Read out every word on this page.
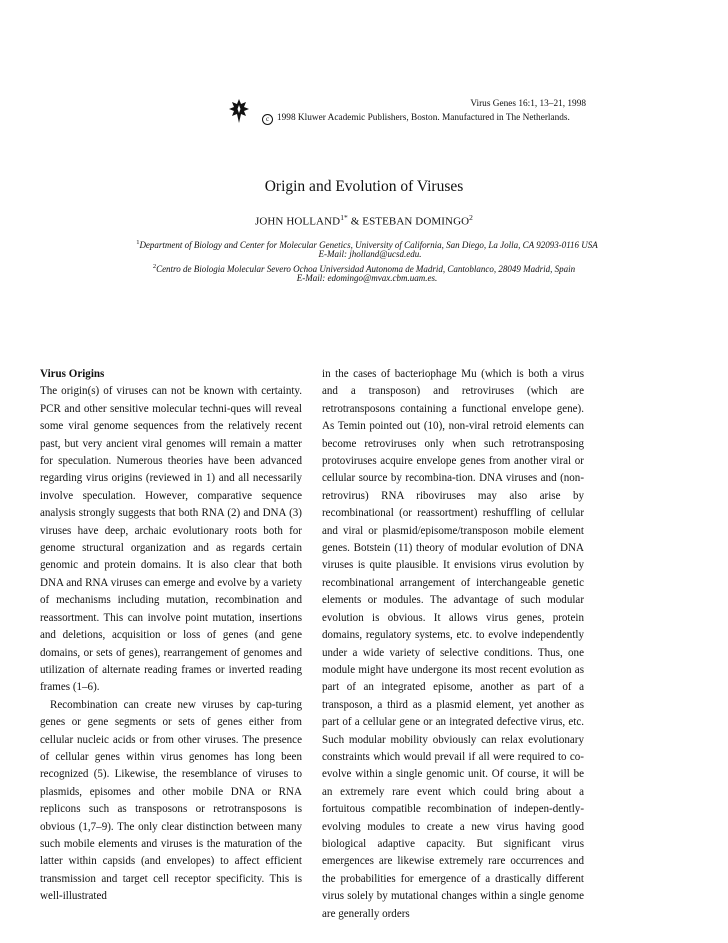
Virus Genes 16:1, 13–21, 1998
c 1998 Kluwer Academic Publishers, Boston. Manufactured in The Netherlands.
Origin and Evolution of Viruses
JOHN $HOLLAND^{1*}$ & ESTEBAN DOMINGO$^2$
$^1$Department of Biology and Center for Molecular Genetics, University of California, San Diego, La Jolla, CA 92093-0116 USA
E-Mail: jholland@ucsd.edu.
$^2$Centro de Biologia Molecular Severo Ochoa Universidad Autonoma de Madrid, Cantoblanco, 28049 Madrid, Spain
E-Mail: edomingo@mvax.cbm.uam.es.

Virus Origins

The origin(s) of viruses can not be known with certainty. PCR and other sensitive molecular techni-ques will reveal some viral genome sequences from the relatively recent past, but very ancient viral genomes will remain a matter for speculation. Numerous theories have been advanced regarding virus origins (reviewed in 1) and all necessarily involve speculation. However, comparative sequence analysis strongly suggests that both RNA (2) and DNA (3) viruses have deep, archaic evolutionary roots both for genome structural organization and as regards certain genomic and protein domains. It is also clear that both DNA and RNA viruses can emerge and evolve by a variety of mechanisms including mutation, recombination and reassortment. This can involve point mutation, insertions and deletions, acquisition or loss of genes (and gene domains, or sets of genes), rearrangement of genomes and utilization of alternate reading frames or inverted reading frames (1–6).

Recombination can create new viruses by cap-turing genes or gene segments or sets of genes either from cellular nucleic acids or from other viruses. The presence of cellular genes within virus genomes has long been recognized (5). Likewise, the resemblance of viruses to plasmids, episomes and other mobile DNA or RNA replicons such as transposons or retrotransposons is obvious (1,7–9). The only clear distinction between many such mobile elements and viruses is the maturation of the latter within capsids (and envelopes) to affect efficient transmission and target cell receptor specificity. This is well-illustrated

in the cases of bacteriophage Mu (which is both a virus and a transposon) and retroviruses (which are retrotransposons containing a functional envelope gene). As Temin pointed out (10), non-viral retroid elements can become retroviruses only when such retrotransposing protoviruses acquire envelope genes from another viral or cellular source by recombina-tion. DNA viruses and (non-retrovirus) RNA riboviruses may also arise by recombinational (or reassortment) reshuffling of cellular and viral or plasmid/episome/transposon mobile element genes. Botstein (11) theory of modular evolution of DNA viruses is quite plausible. It envisions virus evolution by recombinational arrangement of interchangeable genetic elements or modules. The advantage of such modular evolution is obvious. It allows virus genes, protein domains, regulatory systems, etc. to evolve independently under a wide variety of selective conditions. Thus, one module might have undergone its most recent evolution as part of an integrated episome, another as part of a transposon, a third as a plasmid element, yet another as part of a cellular gene or an integrated defective virus, etc. Such modular mobility obviously can relax evolutionary constraints which would prevail if all were required to co-evolve within a single genomic unit. Of course, it will be an extremely rare event which could bring about a fortuitous compatible recombination of indepen-dently-evolving modules to create a new virus having good biological adaptive capacity. But significant virus emergences are likewise extremely rare occurrences and the probabilities for emergence of a drastically different virus solely by mutational changes within a single genome are generally orders
